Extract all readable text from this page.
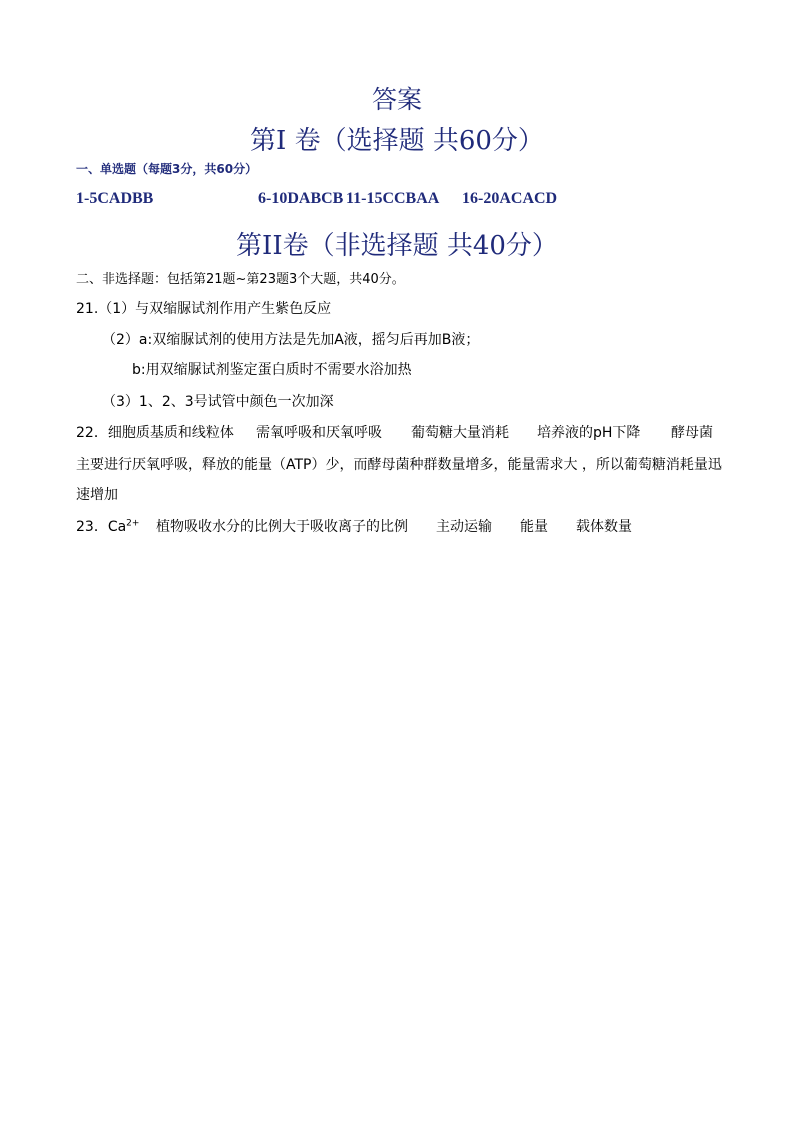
答案
第Ⅰ 卷（选择题 共60分）
一、单选题（每题3分，共60分）
1-5CADBB	6-10DABCB 11-15CCBAA 16-20ACACD
第II卷（非选择题 共40分）
二、非选择题：包括第21题~第23题3个大题，共40分。
21.（1）与双缩脲试剂作用产生紫色反应
（2）a:双缩脲试剂的使用方法是先加A液，摇匀后再加B液；
b:用双缩脲试剂鉴定蛋白质时不需要水浴加热
（3）1、2、3号试管中颜色一次加深
22．细胞质基质和线粒体 需氧呼吸和厌氧呼吸 葡萄糖大量消耗 培养液的pH下降 酵母菌
主要进行厌氧呼吸，释放的能量（ATP）少，而酵母菌种群数量增多，能量需求大 ，所以葡萄糖消耗量迅
速增加
23．$Ca^{2+}$ 植物吸收水分的比例大于吸收离子的比例 主动运输 能量 载体数量
